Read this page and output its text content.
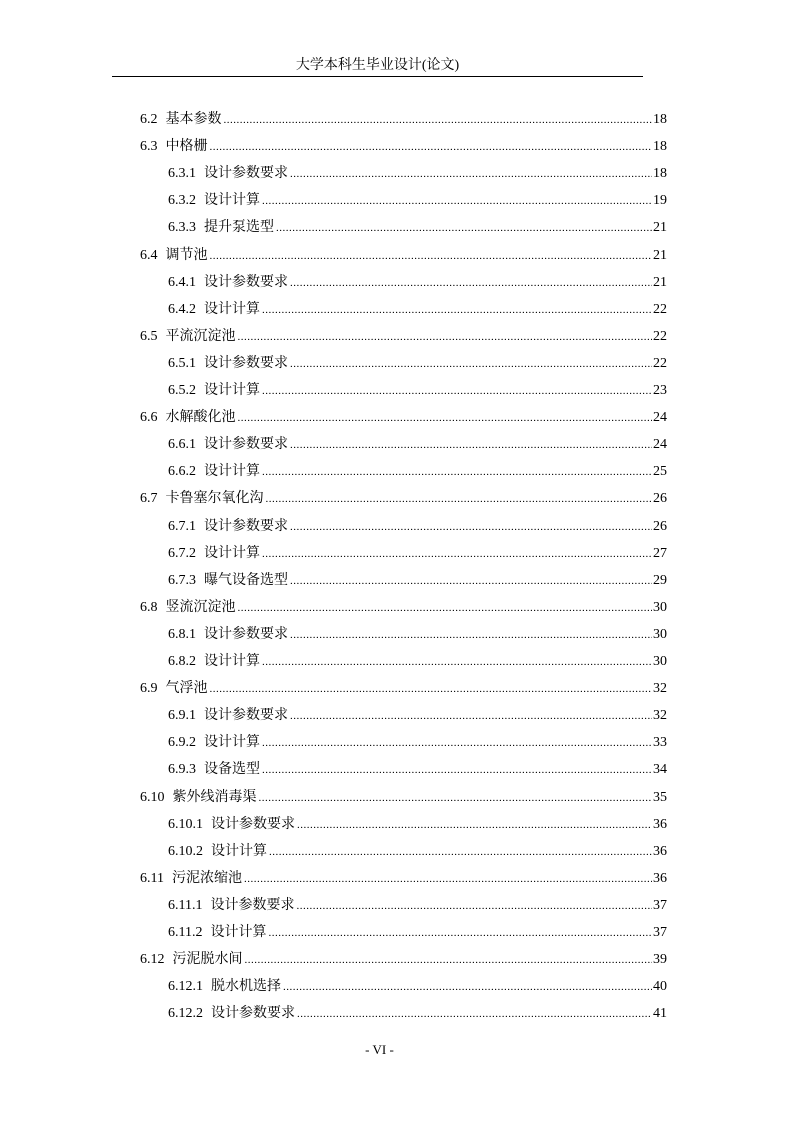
大学本科生毕业设计(论文)
6.2 基本参数 .....	18
6.3 中格栅 .....	18
6.3.1 设计参数要求 .....	18
6.3.2 设计计算 .....	19
6.3.3 提升泵选型 .....	21
6.4 调节池 .....	21
6.4.1 设计参数要求 .....	21
6.4.2 设计计算 .....	22
6.5 平流沉淀池 .....	22
6.5.1 设计参数要求 .....	22
6.5.2 设计计算 .....	23
6.6 水解酸化池 .....	24
6.6.1 设计参数要求 .....	24
6.6.2 设计计算 .....	25
6.7 卡鲁塞尔氧化沟 .....	26
6.7.1 设计参数要求 .....	26
6.7.2 设计计算 .....	27
6.7.3 曝气设备选型 .....	29
6.8 竖流沉淀池 .....	30
6.8.1 设计参数要求 .....	30
6.8.2 设计计算 .....	30
6.9 气浮池 .....	32
6.9.1 设计参数要求 .....	32
6.9.2 设计计算 .....	33
6.9.3 设备选型 .....	34
6.10 紫外线消毒渠 .....	35
6.10.1 设计参数要求 .....	36
6.10.2 设计计算 .....	36
6.11 污泥浓缩池 .....	36
6.11.1 设计参数要求 .....	37
6.11.2 设计计算 .....	37
6.12 污泥脱水间 .....	39
6.12.1 脱水机选择 .....	40
6.12.2 设计参数要求 .....	41
- VI -
